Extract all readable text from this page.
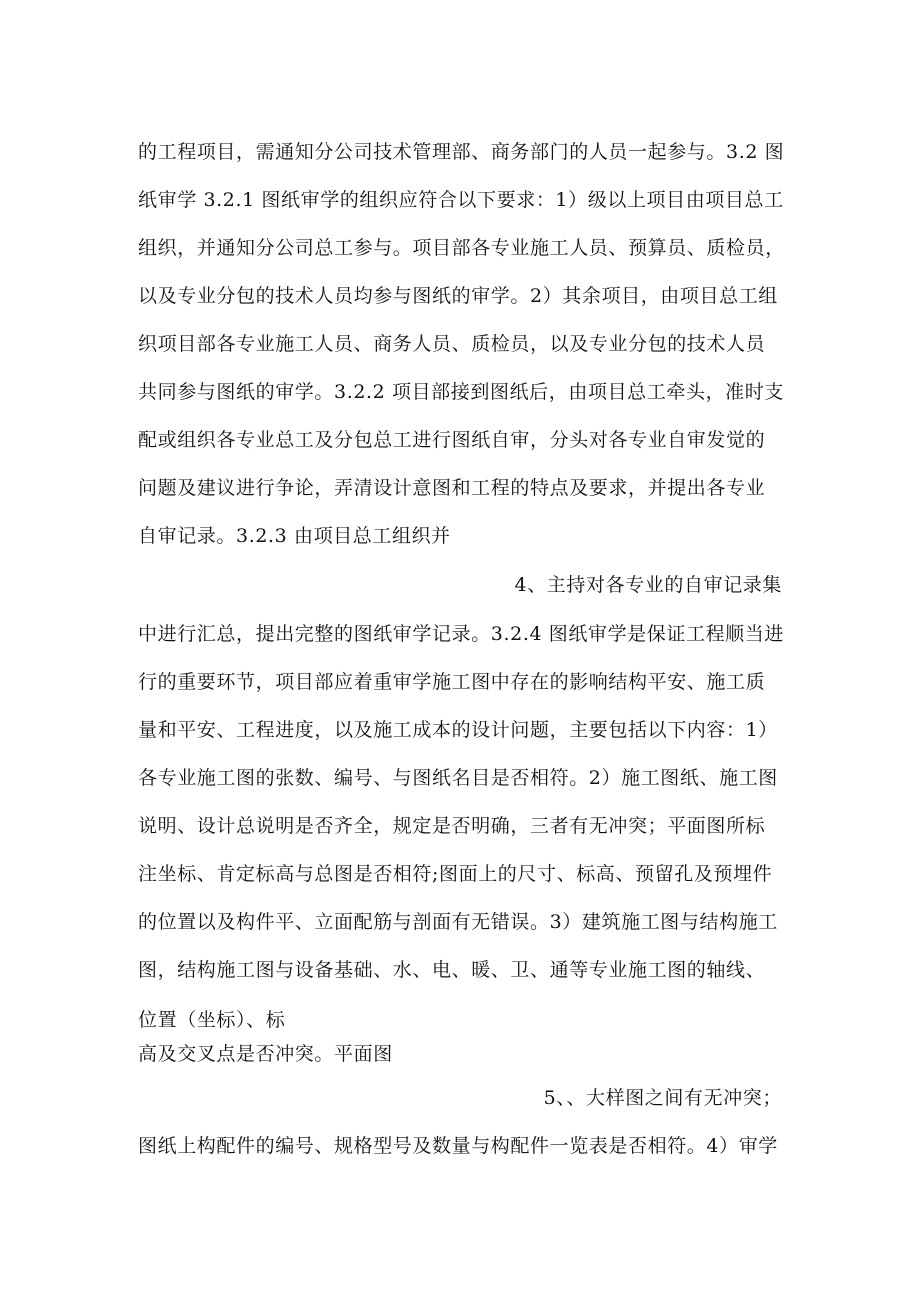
的工程项目，需通知分公司技术管理部、商务部门的人员一起参与。3.2 图
纸审学 3.2.1 图纸审学的组织应符合以下要求：1）级以上项目由项目总工
组织，并通知分公司总工参与。项目部各专业施工人员、预算员、质检员，
以及专业分包的技术人员均参与图纸的审学。2）其余项目，由项目总工组
织项目部各专业施工人员、商务人员、质检员，以及专业分包的技术人员
共同参与图纸的审学。3.2.2 项目部接到图纸后，由项目总工牵头，准时支
配或组织各专业总工及分包总工进行图纸自审，分头对各专业自审发觉的
问题及建议进行争论，弄清设计意图和工程的特点及要求，并提出各专业
自审记录。3.2.3 由项目总工组织并
4、主持对各专业的自审记录集
中进行汇总，提出完整的图纸审学记录。3.2.4 图纸审学是保证工程顺当进
行的重要环节，项目部应着重审学施工图中存在的影响结构平安、施工质
量和平安、工程进度，以及施工成本的设计问题，主要包括以下内容：1）
各专业施工图的张数、编号、与图纸名目是否相符。2）施工图纸、施工图
说明、设计总说明是否齐全，规定是否明确，三者有无冲突；平面图所标
注坐标、肯定标高与总图是否相符;图面上的尺寸、标高、预留孔及预埋件
的位置以及构件平、立面配筋与剖面有无错误。3）建筑施工图与结构施工
图，结构施工图与设备基础、水、电、暖、卫、通等专业施工图的轴线、
位置（坐标）、标
高及交叉点是否冲突。平面图
5、、大样图之间有无冲突；
图纸上构配件的编号、规格型号及数量与构配件一览表是否相符。4）审学
